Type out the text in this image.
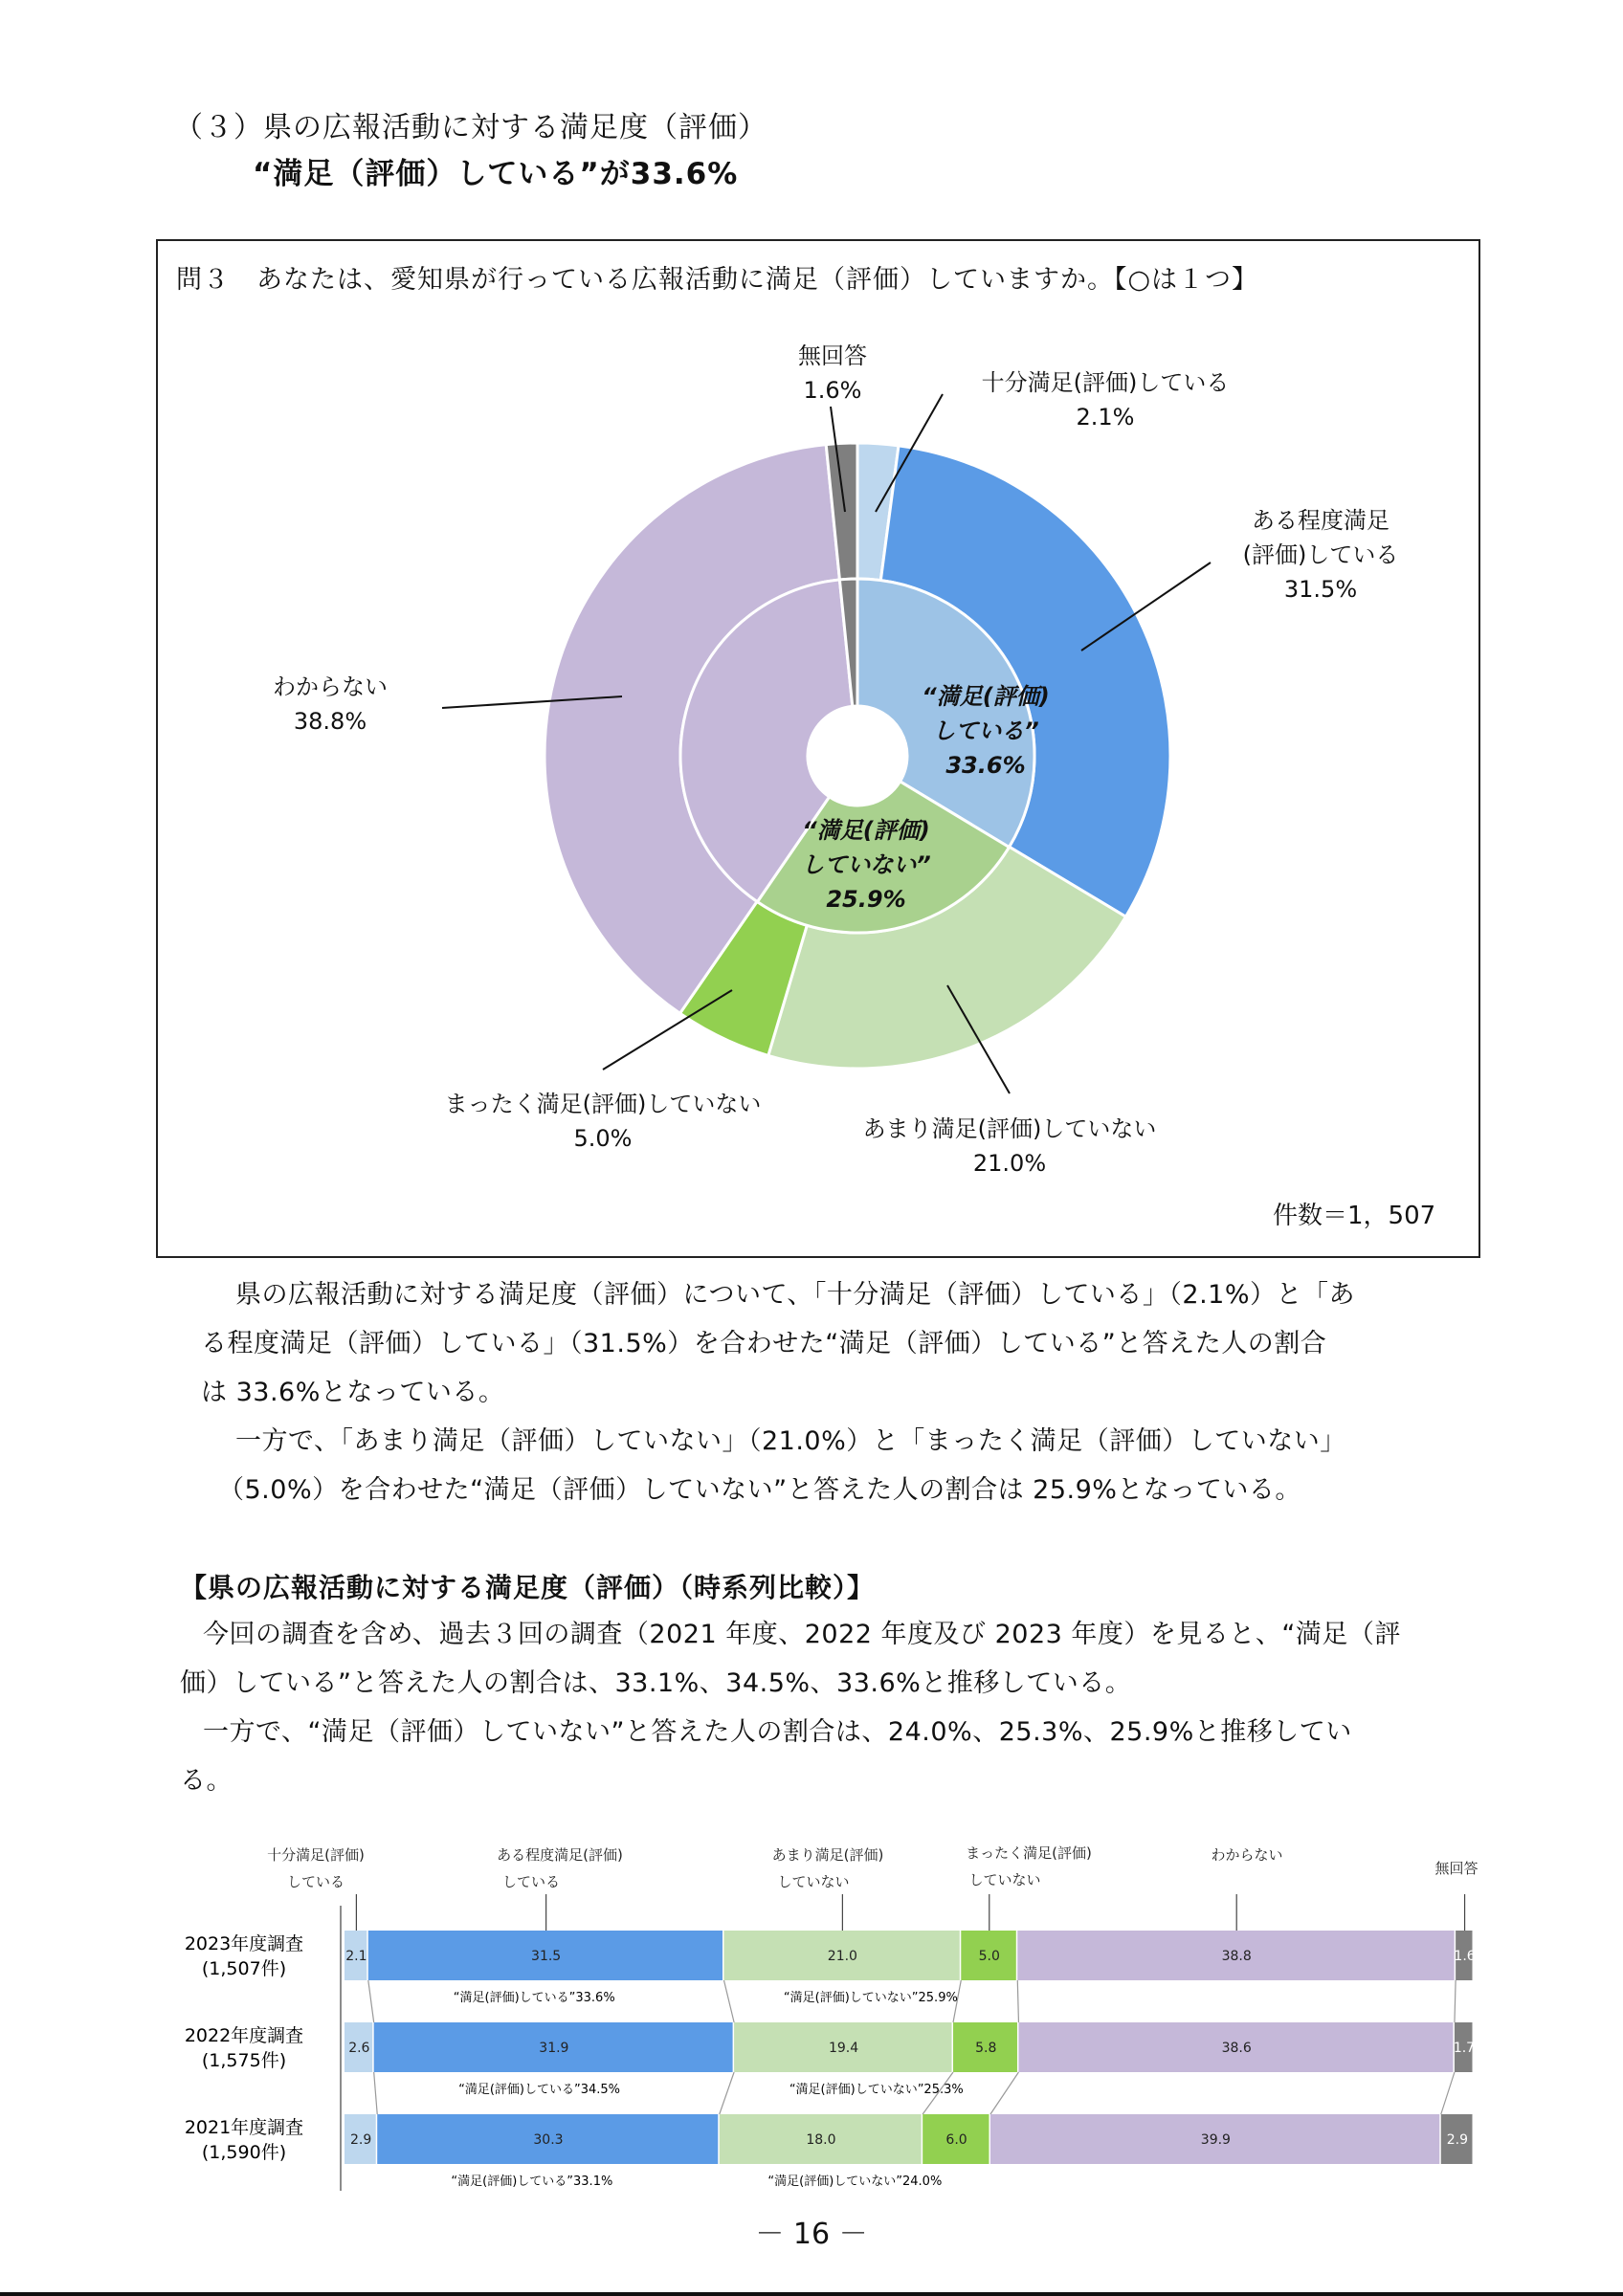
（３）県の広報活動に対する満足度（評価）
“満足（評価）している”が33.6%
問３　あなたは、愛知県が行っている広報活動に満足（評価）していますか。【○は１つ】
無回答
1.6%	十分満足(評価)している
2.1%
ある程度満足
(評価)している
31.5%
わからない
38.8%
まったく満足(評価)していない
5.0%	あまり満足(評価)していない
21.0%
“満足(評価)
している”
33.6%
“満足(評価)
していない”
25.9%
件数＝1，507
県の広報活動に対する満足度（評価）について、「十分満足（評価）している」（2.1%）と「あ
る程度満足（評価）している」（31.5%）を合わせた“満足（評価）している”と答えた人の割合
は 33.6%となっている。
一方で、「あまり満足（評価）していない」（21.0%）と「まったく満足（評価）していない」
（5.0%）を合わせた“満足（評価）していない”と答えた人の割合は 25.9%となっている。
【県の広報活動に対する満足度（評価）（時系列比較）】
今回の調査を含め、過去３回の調査（2021 年度、2022 年度及び 2023 年度）を見ると、“満足（評
価）している”と答えた人の割合は、33.1%、34.5%、33.6%と推移している。
一方で、“満足（評価）していない”と答えた人の割合は、24.0%、25.3%、25.9%と推移してい
る。
十分満足(評価)
している
ある程度満足(評価)
している
あまり満足(評価)
していない
まったく満足(評価)
していない
わからない
無回答
2023年度調査
(1,507件)
2.1	31.5	21.0	5.0	38.8	1.6
“満足(評価)している”33.6%	“満足(評価)していない”25.9%
2022年度調査
(1,575件)
2.6	31.9	19.4	5.8	38.6	1.7
“満足(評価)している”34.5%	“満足(評価)していない”25.3%
2021年度調査
(1,590件)
2.9	30.3	18.0	6.0	39.9	2.9
“満足(評価)している”33.1%	“満足(評価)していない”24.0%
－ 16 －
